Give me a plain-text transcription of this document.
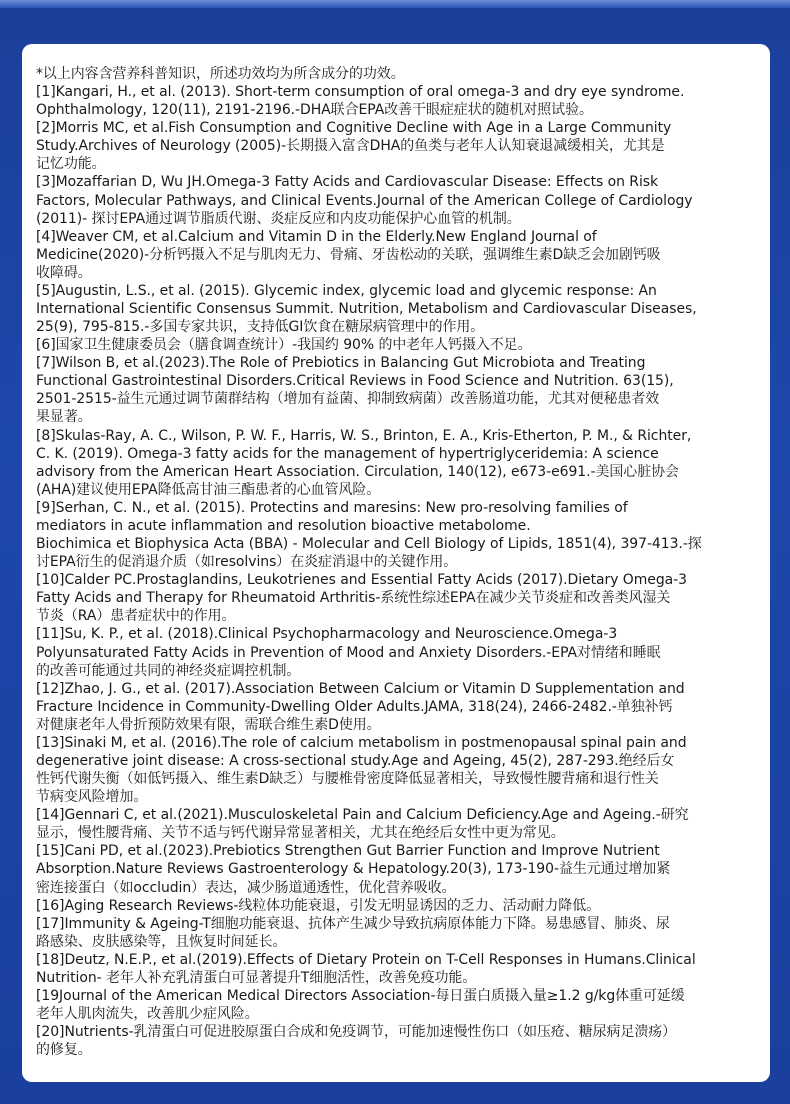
*以上内容含营养科普知识，所述功效均为所含成分的功效。
[1]Kangari, H., et al. (2013). Short-term consumption of oral omega-3 and dry eye syndrome.
Ophthalmology, 120(11), 2191-2196.-DHA联合EPA改善干眼症症状的随机对照试验。
[2]Morris MC, et al.Fish Consumption and Cognitive Decline with Age in a Large Community
Study.Archives of Neurology (2005)-长期摄入富含DHA的鱼类与老年人认知衰退减缓相关，尤其是
记忆功能。
[3]Mozaffarian D, Wu JH.Omega-3 Fatty Acids and Cardiovascular Disease: Effects on Risk
Factors, Molecular Pathways, and Clinical Events.Journal of the American College of Cardiology
(2011)- 探讨EPA通过调节脂质代谢、炎症反应和内皮功能保护心血管的机制。
[4]Weaver CM, et al.Calcium and Vitamin D in the Elderly.New England Journal of
Medicine(2020)-分析钙摄入不足与肌肉无力、骨痛、牙齿松动的关联，强调维生素D缺乏会加剧钙吸
收障碍。
[5]Augustin, L.S., et al. (2015). Glycemic index, glycemic load and glycemic response: An
International Scientific Consensus Summit. Nutrition, Metabolism and Cardiovascular Diseases,
25(9), 795-815.-多国专家共识，支持低GI饮食在糖尿病管理中的作用。
[6]国家卫生健康委员会（膳食调查统计）-我国约 90% 的中老年人钙摄入不足。
[7]Wilson B, et al.(2023).The Role of Prebiotics in Balancing Gut Microbiota and Treating
Functional Gastrointestinal Disorders.Critical Reviews in Food Science and Nutrition. 63(15),
2501-2515-益生元通过调节菌群结构（增加有益菌、抑制致病菌）改善肠道功能，尤其对便秘患者效
果显著。
[8]Skulas-Ray, A. C., Wilson, P. W. F., Harris, W. S., Brinton, E. A., Kris-Etherton, P. M., & Richter,
C. K. (2019). Omega-3 fatty acids for the management of hypertriglyceridemia: A science
advisory from the American Heart Association. Circulation, 140(12), e673-e691.-美国心脏协会
(AHA)建议使用EPA降低高甘油三酯患者的心血管风险。
[9]Serhan, C. N., et al. (2015). Protectins and maresins: New pro-resolving families of
mediators in acute inflammation and resolution bioactive metabolome.
Biochimica et Biophysica Acta (BBA) - Molecular and Cell Biology of Lipids, 1851(4), 397-413.-探
讨EPA衍生的促消退介质（如resolvins）在炎症消退中的关键作用。
[10]Calder PC.Prostaglandins, Leukotrienes and Essential Fatty Acids (2017).Dietary Omega-3
Fatty Acids and Therapy for Rheumatoid Arthritis-系统性综述EPA在减少关节炎症和改善类风湿关
节炎（RA）患者症状中的作用。
[11]Su, K. P., et al. (2018).Clinical Psychopharmacology and Neuroscience.Omega-3
Polyunsaturated Fatty Acids in Prevention of Mood and Anxiety Disorders.-EPA对情绪和睡眠
的改善可能通过共同的神经炎症调控机制。
[12]Zhao, J. G., et al. (2017).Association Between Calcium or Vitamin D Supplementation and
Fracture Incidence in Community-Dwelling Older Adults.JAMA, 318(24), 2466-2482.-单独补钙
对健康老年人骨折预防效果有限，需联合维生素D使用。
[13]Sinaki M, et al. (2016).The role of calcium metabolism in postmenopausal spinal pain and
degenerative joint disease: A cross-sectional study.Age and Ageing, 45(2), 287-293.绝经后女
性钙代谢失衡（如低钙摄入、维生素D缺乏）与腰椎骨密度降低显著相关，导致慢性腰背痛和退行性关
节病变风险增加。
[14]Gennari C, et al.(2021).Musculoskeletal Pain and Calcium Deficiency.Age and Ageing.-研究
显示，慢性腰背痛、关节不适与钙代谢异常显著相关，尤其在绝经后女性中更为常见。
[15]Cani PD, et al.(2023).Prebiotics Strengthen Gut Barrier Function and Improve Nutrient
Absorption.Nature Reviews Gastroenterology & Hepatology.20(3), 173-190-益生元通过增加紧
密连接蛋白（如occludin）表达，减少肠道通透性，优化营养吸收。
[16]Aging Research Reviews-线粒体功能衰退，引发无明显诱因的乏力、活动耐力降低。
[17]Immunity & Ageing-T细胞功能衰退、抗体产生减少导致抗病原体能力下降。易患感冒、肺炎、尿
路感染、皮肤感染等，且恢复时间延长。
[18]Deutz, N.E.P., et al.(2019).Effects of Dietary Protein on T-Cell Responses in Humans.Clinical
Nutrition- 老年人补充乳清蛋白可显著提升T细胞活性，改善免疫功能。
[19Journal of the American Medical Directors Association-每日蛋白质摄入量≥1.2 g/kg体重可延缓
老年人肌肉流失，改善肌少症风险。
[20]Nutrients-乳清蛋白可促进胶原蛋白合成和免疫调节，可能加速慢性伤口（如压疮、糖尿病足溃疡）
的修复。
